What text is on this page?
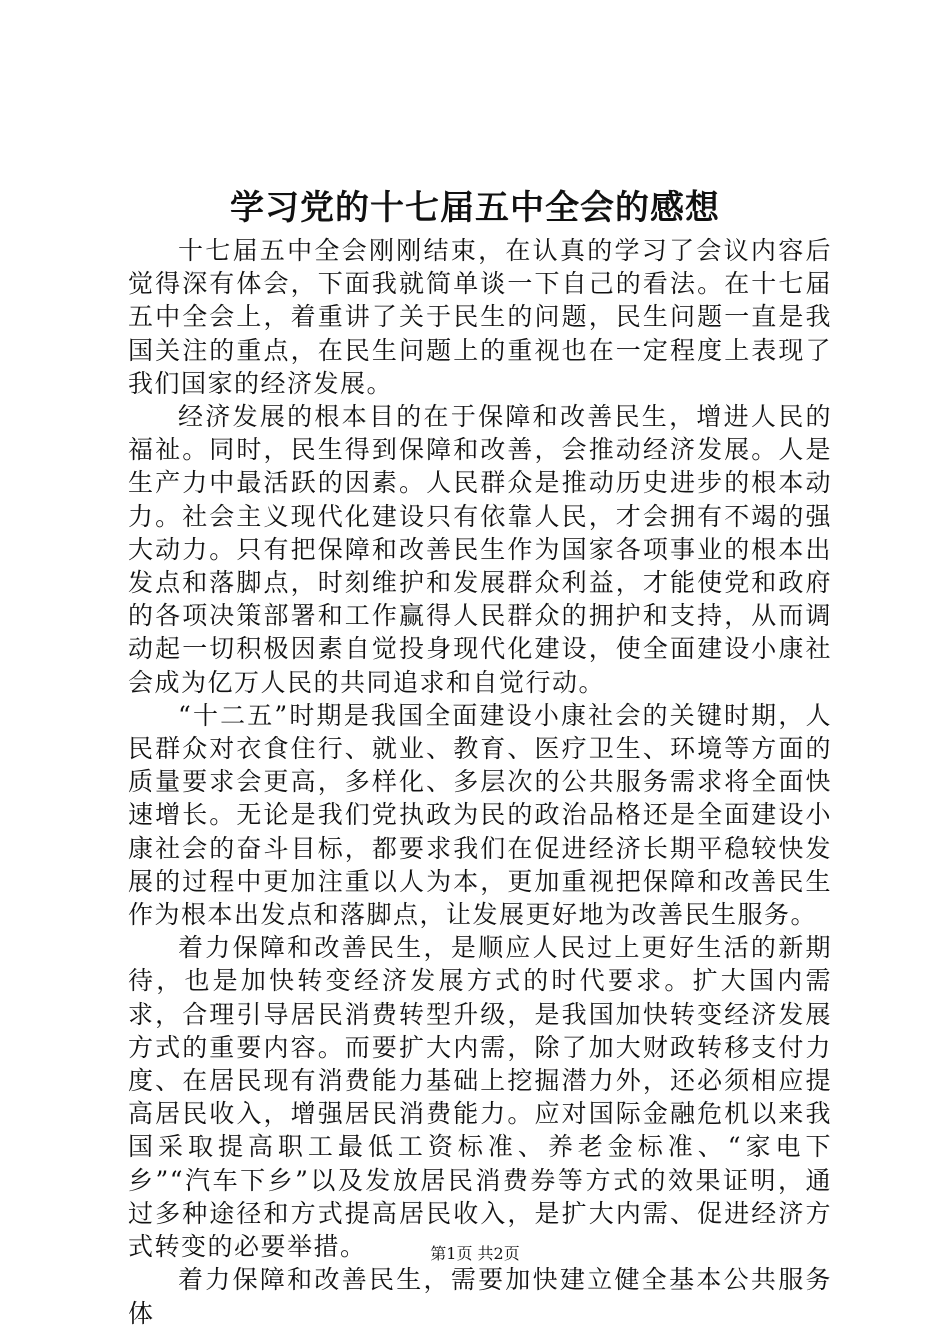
学习党的十七届五中全会的感想

十七届五中全会刚刚结束，在认真的学习了会议内容后觉得深有体会，下面我就简单谈一下自己的看法。在十七届五中全会上，着重讲了关于民生的问题，民生问题一直是我国关注的重点，在民生问题上的重视也在一定程度上表现了我们国家的经济发展。

经济发展的根本目的在于保障和改善民生，增进人民的福祉。同时，民生得到保障和改善，会推动经济发展。人是生产力中最活跃的因素。人民群众是推动历史进步的根本动力。社会主义现代化建设只有依靠人民，才会拥有不竭的强大动力。只有把保障和改善民生作为国家各项事业的根本出发点和落脚点，时刻维护和发展群众利益，才能使党和政府的各项决策部署和工作赢得人民群众的拥护和支持，从而调动起一切积极因素自觉投身现代化建设，使全面建设小康社会成为亿万人民的共同追求和自觉行动。

“十二五”时期是我国全面建设小康社会的关键时期，人民群众对衣食住行、就业、教育、医疗卫生、环境等方面的质量要求会更高，多样化、多层次的公共服务需求将全面快速增长。无论是我们党执政为民的政治品格还是全面建设小康社会的奋斗目标，都要求我们在促进经济长期平稳较快发展的过程中更加注重以人为本，更加重视把保障和改善民生作为根本出发点和落脚点，让发展更好地为改善民生服务。

着力保障和改善民生，是顺应人民过上更好生活的新期待，也是加快转变经济发展方式的时代要求。扩大国内需求，合理引导居民消费转型升级，是我国加快转变经济发展方式的重要内容。而要扩大内需，除了加大财政转移支付力度、在居民现有消费能力基础上挖掘潜力外，还必须相应提高居民收入，增强居民消费能力。应对国际金融危机以来我国采取提高职工最低工资标准、养老金标准、“家电下乡”“汽车下乡”以及发放居民消费券等方式的效果证明，通过多种途径和方式提高居民收入，是扩大内需、促进经济方式转变的必要举措。

着力保障和改善民生，需要加快建立健全基本公共服务体

第1页 共2页
